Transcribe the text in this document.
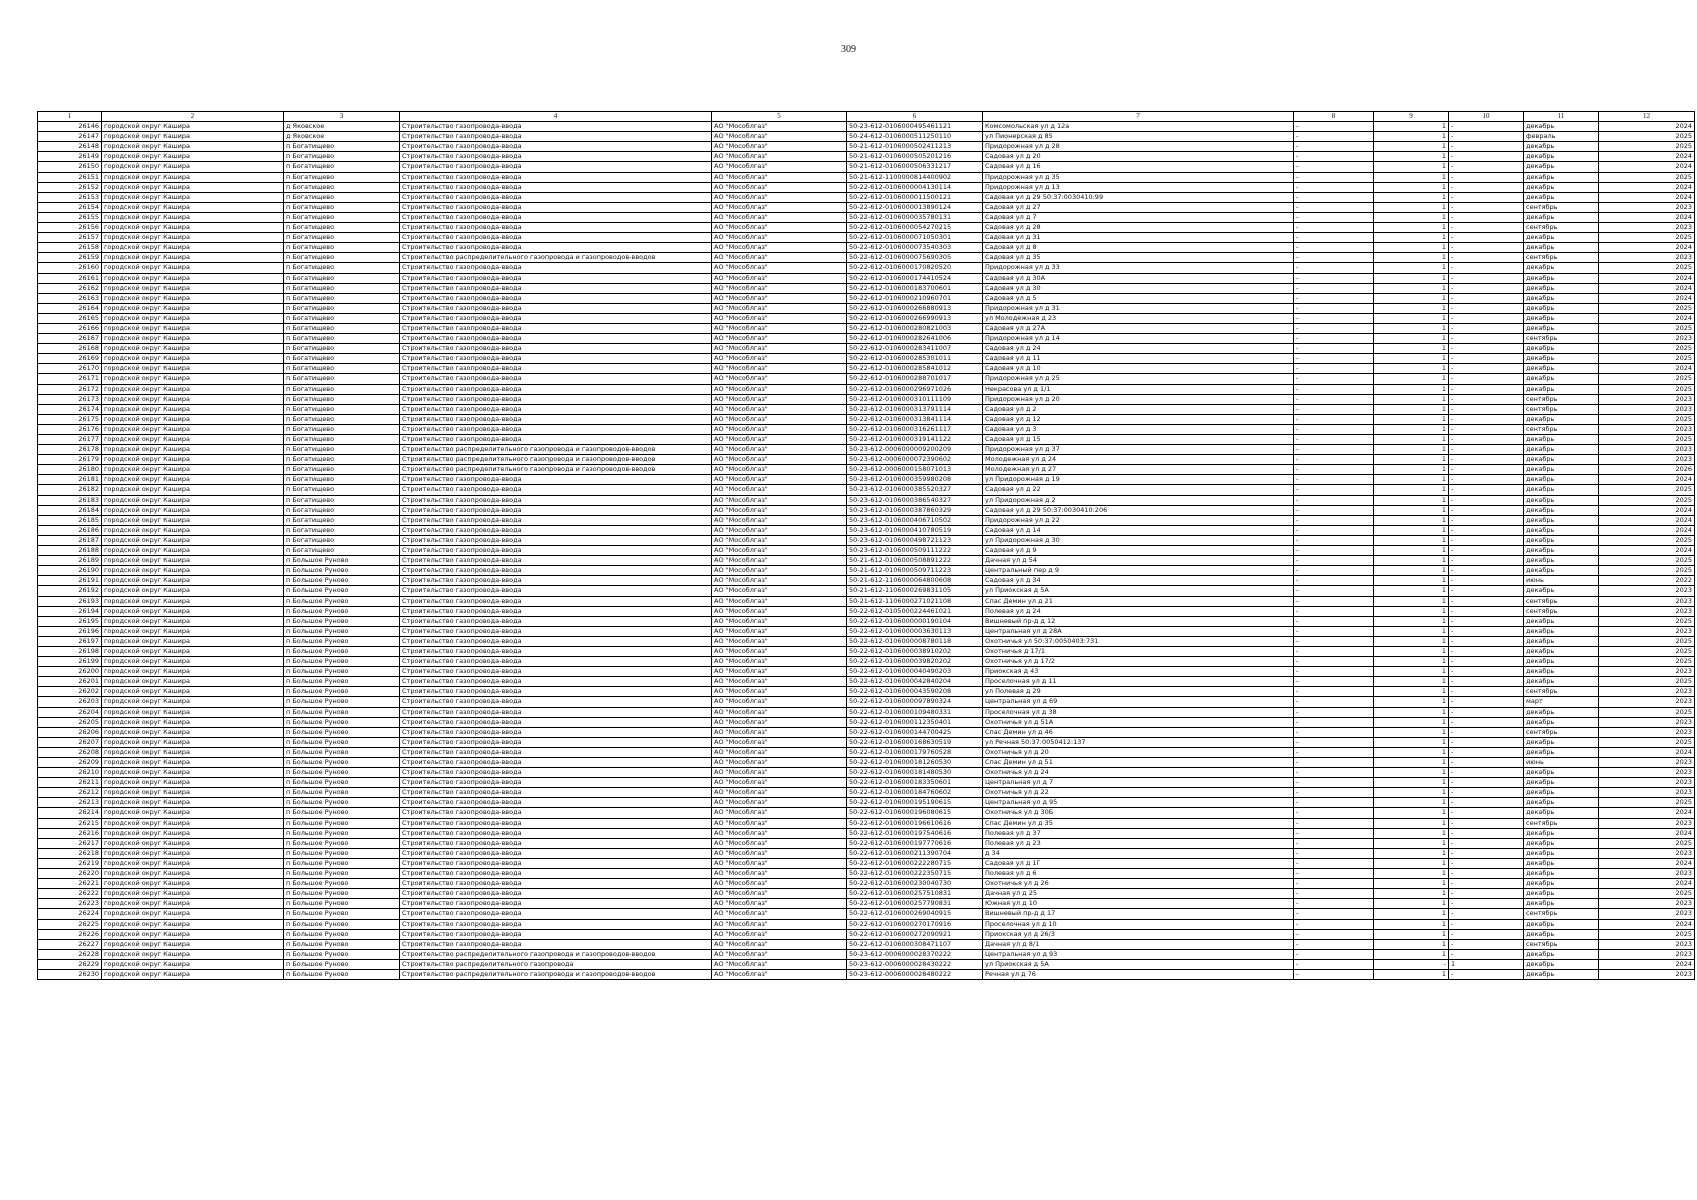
309
1	2	3	4	5	6	7	8	9	10	11	12
26146	городской округ Кашира	д Яковское	Строительство газопровода-ввода	АО "Мособлгаз"	50-23-612-0106000495461121	Комсомольская ул д 12а	-	1	-	декабрь	2024
26147	городской округ Кашира	д Яковское	Строительство газопровода-ввода	АО "Мособлгаз"	50-24-612-0106000511250110	ул Пионерская д 85	-	1	-	февраль	2025
26148	городской округ Кашира	п Богатищево	Строительство газопровода-ввода	АО "Мособлгаз"	50-21-612-0106000502411213	Придорожная ул д 28	-	1	-	декабрь	2025
26149	городской округ Кашира	п Богатищево	Строительство газопровода-ввода	АО "Мособлгаз"	50-21-612-0106000505201216	Садовая ул д 20	-	1	-	декабрь	2024
26150	городской округ Кашира	п Богатищево	Строительство газопровода-ввода	АО "Мособлгаз"	50-21-612-0106000506331217	Садовая ул д 16	-	1	-	декабрь	2024
26151	городской округ Кашира	п Богатищево	Строительство газопровода-ввода	АО "Мособлгаз"	50-21-612-1100000814400902	Придорожная ул д 35	-	1	-	декабрь	2025
26152	городской округ Кашира	п Богатищево	Строительство газопровода-ввода	АО "Мособлгаз"	50-22-612-0106000004130114	Придорожная ул д 13	-	1	-	декабрь	2024
26153	городской округ Кашира	п Богатищево	Строительство газопровода-ввода	АО "Мособлгаз"	50-22-612-0106000011500121	Садовая ул д 29 50:37:0030410:99	-	1	-	декабрь	2024
26154	городской округ Кашира	п Богатищево	Строительство газопровода-ввода	АО "Мособлгаз"	50-22-612-0106000013890124	Садовая ул д 27	-	1	-	сентябрь	2023
26155	городской округ Кашира	п Богатищево	Строительство газопровода-ввода	АО "Мособлгаз"	50-22-612-0106000035780131	Садовая ул д 7	-	1	-	декабрь	2024
26156	городской округ Кашира	п Богатищево	Строительство газопровода-ввода	АО "Мособлгаз"	50-22-612-0106000054270215	Садовая ул д 28	-	1	-	сентябрь	2023
26157	городской округ Кашира	п Богатищево	Строительство газопровода-ввода	АО "Мособлгаз"	50-22-612-0106000071050301	Садовая ул д 31	-	1	-	декабрь	2025
26158	городской округ Кашира	п Богатищево	Строительство газопровода-ввода	АО "Мособлгаз"	50-22-612-0106000073540303	Садовая ул д 8	-	1	-	декабрь	2024
26159	городской округ Кашира	п Богатищево	Строительство распределительного газопровода и газопроводов-вводов	АО "Мособлгаз"	50-22-612-0106000075690305	Садовая ул д 35	-	1	-	сентябрь	2023
26160	городской округ Кашира	п Богатищево	Строительство газопровода-ввода	АО "Мособлгаз"	50-22-612-0106000170820520	Придорожная ул д 33	-	1	-	декабрь	2025
26161	городской округ Кашира	п Богатищево	Строительство газопровода-ввода	АО "Мособлгаз"	50-22-612-0106000174410524	Садовая ул д 30А	-	1	-	декабрь	2024
26162	городской округ Кашира	п Богатищево	Строительство газопровода-ввода	АО "Мособлгаз"	50-22-612-0106000183700601	Садовая ул д 30	-	1	-	декабрь	2024
26163	городской округ Кашира	п Богатищево	Строительство газопровода-ввода	АО "Мособлгаз"	50-22-612-0106000210960701	Садовая ул д 5	-	1	-	декабрь	2024
26164	городской округ Кашира	п Богатищево	Строительство газопровода-ввода	АО "Мособлгаз"	50-22-612-0106000266880913	Придорожная ул д 31	-	1	-	декабрь	2025
26165	городской округ Кашира	п Богатищево	Строительство газопровода-ввода	АО "Мособлгаз"	50-22-612-0106000266990913	ул Молодежная д 23	-	1	-	декабрь	2024
26166	городской округ Кашира	п Богатищево	Строительство газопровода-ввода	АО "Мособлгаз"	50-22-612-0106000280821003	Садовая ул д 27А	-	1	-	декабрь	2025
26167	городской округ Кашира	п Богатищево	Строительство газопровода-ввода	АО "Мособлгаз"	50-22-612-0106000282641006	Придорожная ул д 14	-	1	-	сентябрь	2023
26168	городской округ Кашира	п Богатищево	Строительство газопровода-ввода	АО "Мособлгаз"	50-22-612-0106000283411007	Садовая ул д 24	-	1	-	декабрь	2025
26169	городской округ Кашира	п Богатищево	Строительство газопровода-ввода	АО "Мособлгаз"	50-22-612-0106000285301011	Садовая ул д 11	-	1	-	декабрь	2025
26170	городской округ Кашира	п Богатищево	Строительство газопровода-ввода	АО "Мособлгаз"	50-22-612-0106000285841012	Садовая ул д 10	-	1	-	декабрь	2024
26171	городской округ Кашира	п Богатищево	Строительство газопровода-ввода	АО "Мособлгаз"	50-22-612-0106000288701017	Придорожная ул д 25	-	1	-	декабрь	2025
26172	городской округ Кашира	п Богатищево	Строительство газопровода-ввода	АО "Мособлгаз"	50-22-612-0106000296971026	Некрасова ул д 1/1	-	1	-	декабрь	2025
26173	городской округ Кашира	п Богатищево	Строительство газопровода-ввода	АО "Мособлгаз"	50-22-612-0106000310111109	Придорожная ул д 20	-	1	-	сентябрь	2023
26174	городской округ Кашира	п Богатищево	Строительство газопровода-ввода	АО "Мособлгаз"	50-22-612-0106000313791114	Садовая ул д 2	-	1	-	сентябрь	2023
26175	городской округ Кашира	п Богатищево	Строительство газопровода-ввода	АО "Мособлгаз"	50-22-612-0106000313841114	Садовая ул д 12	-	1	-	декабрь	2025
26176	городской округ Кашира	п Богатищево	Строительство газопровода-ввода	АО "Мособлгаз"	50-22-612-0106000316261117	Садовая ул д 3	-	1	-	сентябрь	2023
26177	городской округ Кашира	п Богатищево	Строительство газопровода-ввода	АО "Мособлгаз"	50-22-612-0106000319141122	Садовая ул д 15	-	1	-	декабрь	2025
26178	городской округ Кашира	п Богатищево	Строительство распределительного газопровода и газопроводов-вводов	АО "Мособлгаз"	50-23-612-0006000009200209	Придорожная ул д 37	-	1	-	декабрь	2023
26179	городской округ Кашира	п Богатищево	Строительство распределительного газопровода и газопроводов-вводов	АО "Мособлгаз"	50-23-612-0006000072390602	Молодежная ул д 24	-	1	-	декабрь	2023
26180	городской округ Кашира	п Богатищево	Строительство распределительного газопровода и газопроводов-вводов	АО "Мособлгаз"	50-23-612-0006000158071013	Молодежная ул д 27	-	1	-	декабрь	2026
26181	городской округ Кашира	п Богатищево	Строительство газопровода-ввода	АО "Мособлгаз"	50-23-612-0106000359980208	ул Придорожная д 19	-	1	-	декабрь	2024
26182	городской округ Кашира	п Богатищево	Строительство газопровода-ввода	АО "Мособлгаз"	50-23-612-0106000385520327	Садовая ул д 22	-	1	-	декабрь	2025
26183	городской округ Кашира	п Богатищево	Строительство газопровода-ввода	АО "Мособлгаз"	50-23-612-0106000386540327	ул Придорожная д 2	-	1	-	декабрь	2025
26184	городской округ Кашира	п Богатищево	Строительство газопровода-ввода	АО "Мособлгаз"	50-23-612-0106000387860329	Садовая ул д 29 50:37:0030410:206	-	1	-	декабрь	2024
26185	городской округ Кашира	п Богатищево	Строительство газопровода-ввода	АО "Мособлгаз"	50-23-612-0106000406710502	Придорожная ул д 22	-	1	-	декабрь	2024
26186	городской округ Кашира	п Богатищево	Строительство газопровода-ввода	АО "Мособлгаз"	50-23-612-0106000410780519	Садовая ул д 14	-	1	-	декабрь	2024
26187	городской округ Кашира	п Богатищево	Строительство газопровода-ввода	АО "Мособлгаз"	50-23-612-0106000498721123	ул Придорожная д 30	-	1	-	декабрь	2025
26188	городской округ Кашира	п Богатищево	Строительство газопровода-ввода	АО "Мособлгаз"	50-23-612-0106000509111222	Садовая ул д 9	-	1	-	декабрь	2024
26189	городской округ Кашира	п Большое Руново	Строительство газопровода-ввода	АО "Мособлгаз"	50-21-612-0106000508891222	Дачная ул д 54	-	1	-	декабрь	2025
26190	городской округ Кашира	п Большое Руново	Строительство газопровода-ввода	АО "Мособлгаз"	50-21-612-0106000509711223	Центральный пер д 9	-	1	-	декабрь	2025
26191	городской округ Кашира	п Большое Руново	Строительство газопровода-ввода	АО "Мособлгаз"	50-21-612-1106000064800608	Садовая ул д 34	-	1	-	июнь	2022
26192	городской округ Кашира	п Большое Руново	Строительство газопровода-ввода	АО "Мособлгаз"	50-21-612-1106000269831105	ул Приокская д 5А	-	1	-	декабрь	2023
26193	городской округ Кашира	п Большое Руново	Строительство газопровода-ввода	АО "Мособлгаз"	50-21-612-1106000271021108	Спас Демин ул д 21	-	1	-	сентябрь	2023
26194	городской округ Кашира	п Большое Руново	Строительство газопровода-ввода	АО "Мособлгаз"	50-22-612-0105000224461021	Полевая ул д 24	-	1	-	сентябрь	2023
26195	городской округ Кашира	п Большое Руново	Строительство газопровода-ввода	АО "Мособлгаз"	50-22-612-0106000000190104	Вишневый пр-д д 12	-	1	-	декабрь	2025
26196	городской округ Кашира	п Большое Руново	Строительство газопровода-ввода	АО "Мособлгаз"	50-22-612-0106000003630113	Центральная ул д 28А	-	1	-	декабрь	2023
26197	городской округ Кашира	п Большое Руново	Строительство газопровода-ввода	АО "Мособлгаз"	50-22-612-0106000008780118	Охотничья ул 50:37:0050403:731	-	1	-	декабрь	2025
26198	городской округ Кашира	п Большое Руново	Строительство газопровода-ввода	АО "Мособлгаз"	50-22-612-0106000038910202	Охотничья д 17/1	-	1	-	декабрь	2025
26199	городской округ Кашира	п Большое Руново	Строительство газопровода-ввода	АО "Мособлгаз"	50-22-612-0106000039820202	Охотничья ул д 17/2	-	1	-	декабрь	2025
26200	городской округ Кашира	п Большое Руново	Строительство газопровода-ввода	АО "Мособлгаз"	50-22-612-0106000040490203	Приокская д 43	-	1	-	декабрь	2023
26201	городской округ Кашира	п Большое Руново	Строительство газопровода-ввода	АО "Мособлгаз"	50-22-612-0106000042840204	Проселочная ул д 11	-	1	-	декабрь	2025
26202	городской округ Кашира	п Большое Руново	Строительство газопровода-ввода	АО "Мособлгаз"	50-22-612-0106000043590208	ул Полевая д 29	-	1	-	сентябрь	2023
26203	городской округ Кашира	п Большое Руново	Строительство газопровода-ввода	АО "Мособлгаз"	50-22-612-0106000097890324	Центральная ул д 69	-	1	-	март	2023
26204	городской округ Кашира	п Большое Руново	Строительство газопровода-ввода	АО "Мособлгаз"	50-22-612-0106000109480331	Проселочная ул д 38	-	1	-	декабрь	2025
26205	городской округ Кашира	п Большое Руново	Строительство газопровода-ввода	АО "Мособлгаз"	50-22-612-0106000112350401	Охотничья ул д 51А	-	1	-	декабрь	2023
26206	городской округ Кашира	п Большое Руново	Строительство газопровода-ввода	АО "Мособлгаз"	50-22-612-0106000144700425	Спас Демин ул д 46	-	1	-	сентябрь	2023
26207	городской округ Кашира	п Большое Руново	Строительство газопровода-ввода	АО "Мособлгаз"	50-22-612-0106000168630519	ул Речная 50:37:0050412:137	-	1	-	декабрь	2025
26208	городской округ Кашира	п Большое Руново	Строительство газопровода-ввода	АО "Мособлгаз"	50-22-612-0106000179760528	Охотничья ул д 20	-	1	-	декабрь	2024
26209	городской округ Кашира	п Большое Руново	Строительство газопровода-ввода	АО "Мособлгаз"	50-22-612-0106000181260530	Спас Демин ул д 51	-	1	-	июнь	2023
26210	городской округ Кашира	п Большое Руново	Строительство газопровода-ввода	АО "Мособлгаз"	50-22-612-0106000181480530	Охотничья ул д 24	-	1	-	декабрь	2023
26211	городской округ Кашира	п Большое Руново	Строительство газопровода-ввода	АО "Мособлгаз"	50-22-612-0106000183350601	Центральная ул д 7	-	1	-	декабрь	2023
26212	городской округ Кашира	п Большое Руново	Строительство газопровода-ввода	АО "Мособлгаз"	50-22-612-0106000184760602	Охотничья ул д 22	-	1	-	декабрь	2023
26213	городской округ Кашира	п Большое Руново	Строительство газопровода-ввода	АО "Мособлгаз"	50-22-612-0106000195190615	Центральная ул д 95	-	1	-	декабрь	2025
26214	городской округ Кашира	п Большое Руново	Строительство газопровода-ввода	АО "Мособлгаз"	50-22-612-0106000196080615	Охотничья ул д 30Б	-	1	-	декабрь	2024
26215	городской округ Кашира	п Большое Руново	Строительство газопровода-ввода	АО "Мособлгаз"	50-22-612-0106000196610616	Спас Демин ул д 35	-	1	-	сентябрь	2023
26216	городской округ Кашира	п Большое Руново	Строительство газопровода-ввода	АО "Мособлгаз"	50-22-612-0106000197540616	Полевая ул д 37	-	1	-	декабрь	2024
26217	городской округ Кашира	п Большое Руново	Строительство газопровода-ввода	АО "Мособлгаз"	50-22-612-0106000197770616	Полевая ул д 23	-	1	-	декабрь	2025
26218	городской округ Кашира	п Большое Руново	Строительство газопровода-ввода	АО "Мособлгаз"	50-22-612-0106000211390704	д 34	-	1	-	декабрь	2023
26219	городской округ Кашира	п Большое Руново	Строительство газопровода-ввода	АО "Мособлгаз"	50-22-612-0106000222280715	Садовая ул д 1Г	-	1	-	декабрь	2024
26220	городской округ Кашира	п Большое Руново	Строительство газопровода-ввода	АО "Мособлгаз"	50-22-612-0106000222350715	Полевая ул д 6	-	1	-	декабрь	2023
26221	городской округ Кашира	п Большое Руново	Строительство газопровода-ввода	АО "Мособлгаз"	50-22-612-0106000230040730	Охотничья ул д 26	-	1	-	декабрь	2024
26222	городской округ Кашира	п Большое Руново	Строительство газопровода-ввода	АО "Мособлгаз"	50-22-612-0106000257510831	Дачная ул д 25	-	1	-	декабрь	2025
26223	городской округ Кашира	п Большое Руново	Строительство газопровода-ввода	АО "Мособлгаз"	50-22-612-0106000257790831	Южная ул д 10	-	1	-	декабрь	2023
26224	городской округ Кашира	п Большое Руново	Строительство газопровода-ввода	АО "Мособлгаз"	50-22-612-0106000269040915	Вишневый пр-д д 17	-	1	-	сентябрь	2023
26225	городской округ Кашира	п Большое Руново	Строительство газопровода-ввода	АО "Мособлгаз"	50-22-612-0106000270170916	Проселочная ул д 10	-	1	-	декабрь	2024
26226	городской округ Кашира	п Большое Руново	Строительство газопровода-ввода	АО "Мособлгаз"	50-22-612-0106000272090921	Приокская ул д 26/3	-	1	-	декабрь	2025
26227	городской округ Кашира	п Большое Руново	Строительство газопровода-ввода	АО "Мособлгаз"	50-22-612-0106000308471107	Дачная ул д 8/1	-	1	-	сентябрь	2023
26228	городской округ Кашира	п Большое Руново	Строительство распределительного газопровода и газопроводов-вводов	АО "Мособлгаз"	50-23-612-0006000028370222	Центральная ул д 93	-	1	-	декабрь	2023
26229	городской округ Кашира	п Большое Руново	Строительство распределительного газопровода	АО "Мособлгаз"	50-23-612-0006000028430222	ул Приокская д 5А	-	-	1	декабрь	2024
26230	городской округ Кашира	п Большое Руново	Строительство распределительного газопровода и газопроводов-вводов	АО "Мособлгаз"	50-23-612-0006000028480222	Речная ул д 76	-	1	-	декабрь	2023
